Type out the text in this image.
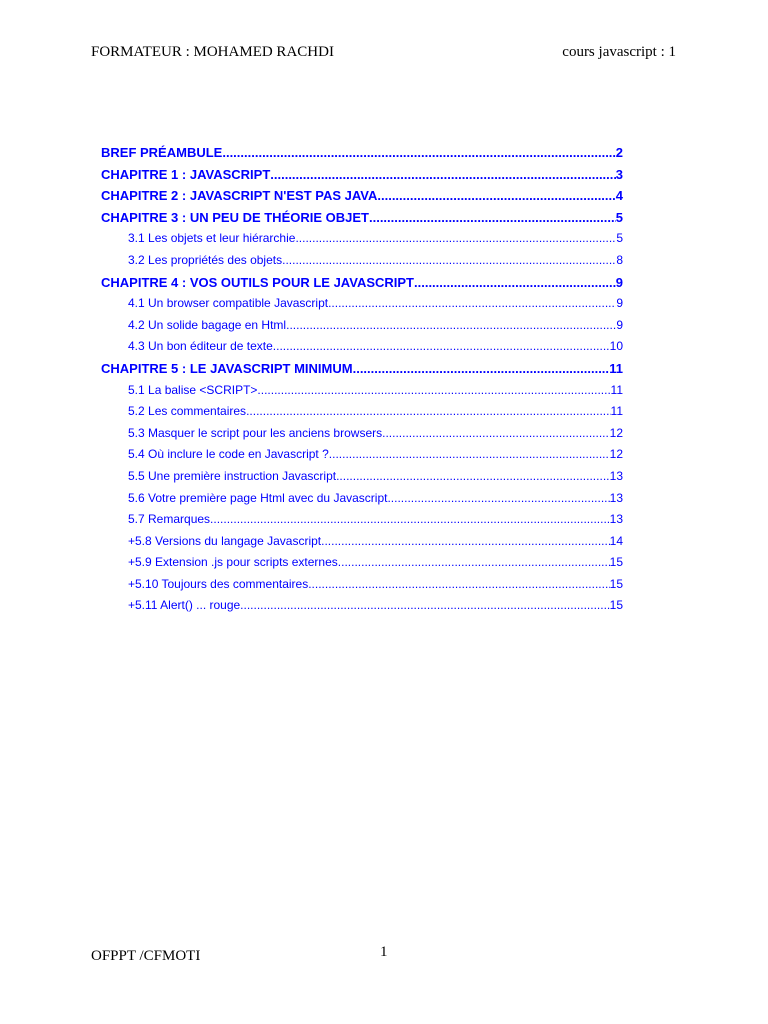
FORMATEUR : MOHAMED RACHDI	cours javascript : 1
BREF PRÉAMBULE .....	2
CHAPITRE 1 : JAVASCRIPT .....	3
CHAPITRE 2 : JAVASCRIPT N'EST PAS JAVA .....	4
CHAPITRE 3 : UN PEU DE THÉORIE OBJET .....	5
3.1 Les objets et leur hiérarchie .....	5
3.2 Les propriétés des objets .....	8
CHAPITRE 4 : VOS OUTILS POUR LE JAVASCRIPT .....	9
4.1 Un browser compatible Javascript .....	9
4.2 Un solide bagage en Html .....	9
4.3 Un bon éditeur de texte .....	10
CHAPITRE 5 : LE JAVASCRIPT MINIMUM .....	11
5.1 La balise <SCRIPT> .....	11
5.2 Les commentaires .....	11
5.3 Masquer le script pour les anciens browsers .....	12
5.4 Où inclure le code en Javascript ? .....	12
5.5 Une première instruction Javascript .....	13
5.6 Votre première page Html avec du Javascript .....	13
5.7 Remarques .....	13
+5.8 Versions du langage Javascript .....	14
+5.9 Extension .js pour scripts externes .....	15
+5.10 Toujours des commentaires .....	15
+5.11 Alert() ... rouge .....	15
OFPPT /CFMOTI	1
